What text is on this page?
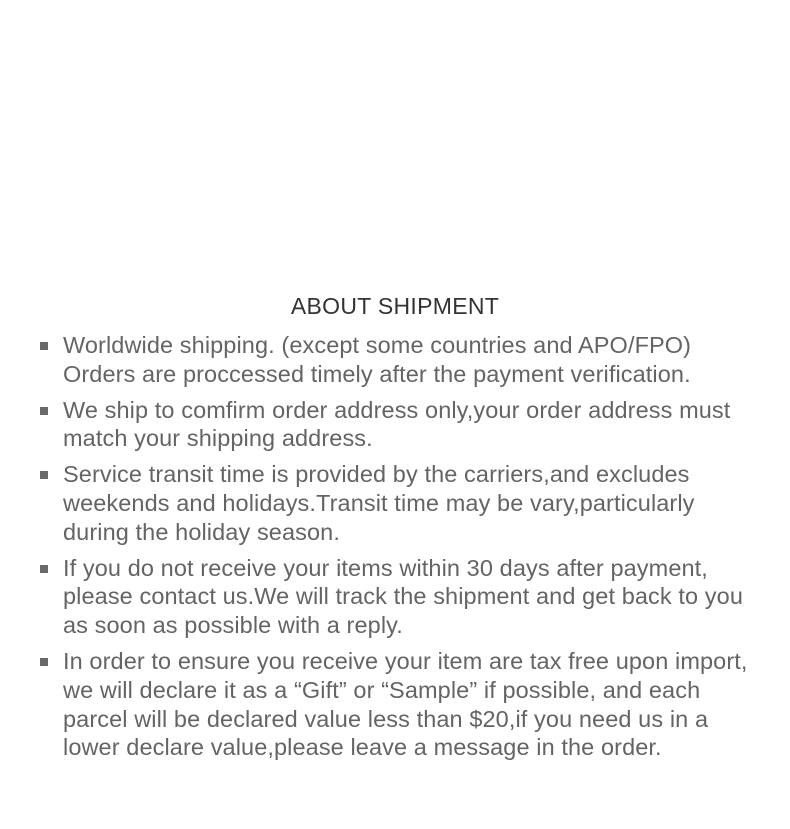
ABOUT SHIPMENT
Worldwide shipping. (except some countries and APO/FPO) Orders are proccessed timely after the payment verification.
We ship to comfirm order address only,your order address must match your shipping address.
Service transit time is provided by the carriers,and excludes weekends and holidays.Transit time may be vary,particularly during the holiday season.
If you do not receive your items within 30 days after payment, please contact us.We will track the shipment and get back to you as soon as possible with a reply.
In order to ensure you receive your item are tax free upon import, we will declare it as a “Gift” or “Sample” if possible, and each parcel will be declared value less than $20,if you need us in a lower declare value,please leave a message in the order.
